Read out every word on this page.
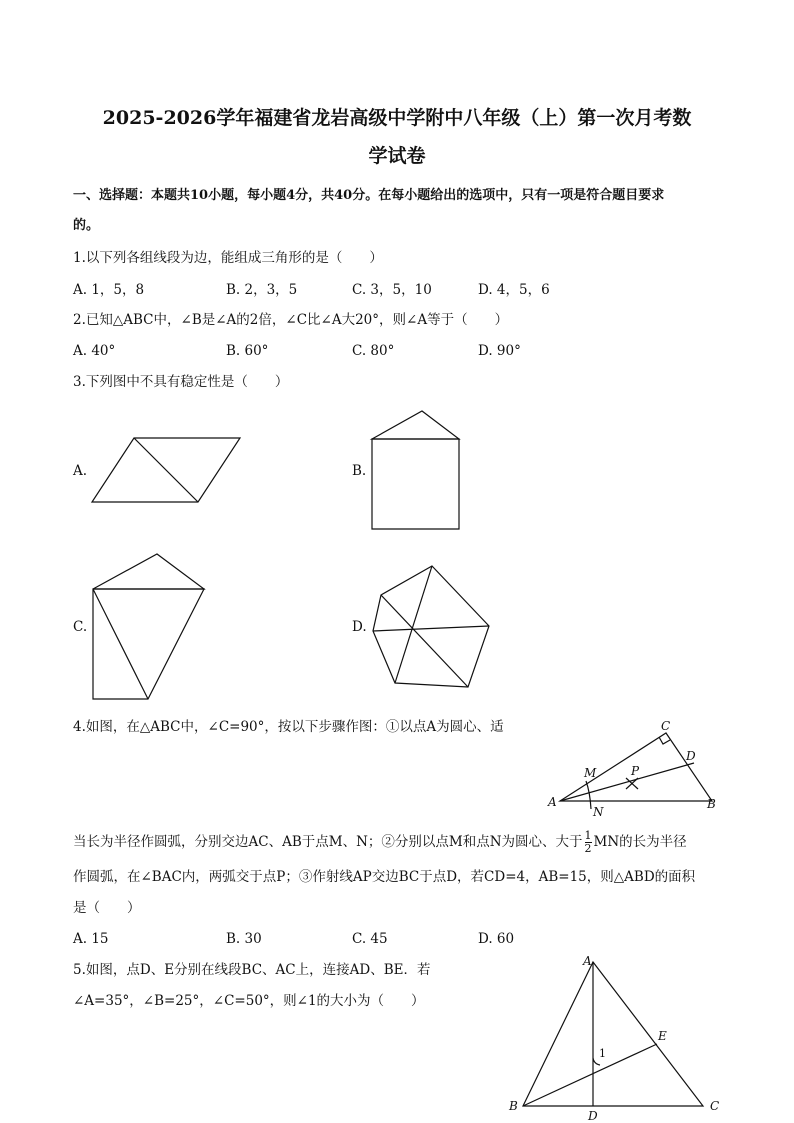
2025-2026学年福建省龙岩高级中学附中八年级（上）第一次月考数
学试卷
一、选择题：本题共10小题，每小题4分，共40分。在每小题给出的选项中，只有一项是符合题目要求
的。
1.以下列各组线段为边，能组成三角形的是（　　）
A. 1，5，8	B. 2，3，5	C. 3，5，10	D. 4，5，6
2.已知△ABC中，∠B是∠A的2倍，∠C比∠A大20°，则∠A等于（　　）
A. 40°	B. 60°	C. 80°	D. 90°
3.下列图中不具有稳定性是（　　）
A.	B.
C.	D.
4.如图，在△ABC中，∠C=90°，按以下步骤作图：①以点A为圆心、适
A	B
C
D
M
N
P
当长为半径作圆弧，分别交边AC、AB于点M、N；②分别以点M和点N为圆心、大于 $\frac{1}{2}$ MN的长为半径
作圆弧，在∠BAC内，两弧交于点P；③作射线AP交边BC于点D，若CD=4，AB=15，则△ABD的面积
是（　　）
A. 15	B. 30	C. 45	D. 60
5.如图，点D、E分别在线段BC、AC上，连接AD、BE．若
∠A=35°，∠B=25°，∠C=50°，则∠1的大小为（　　）
A
B	C
D
E
1
